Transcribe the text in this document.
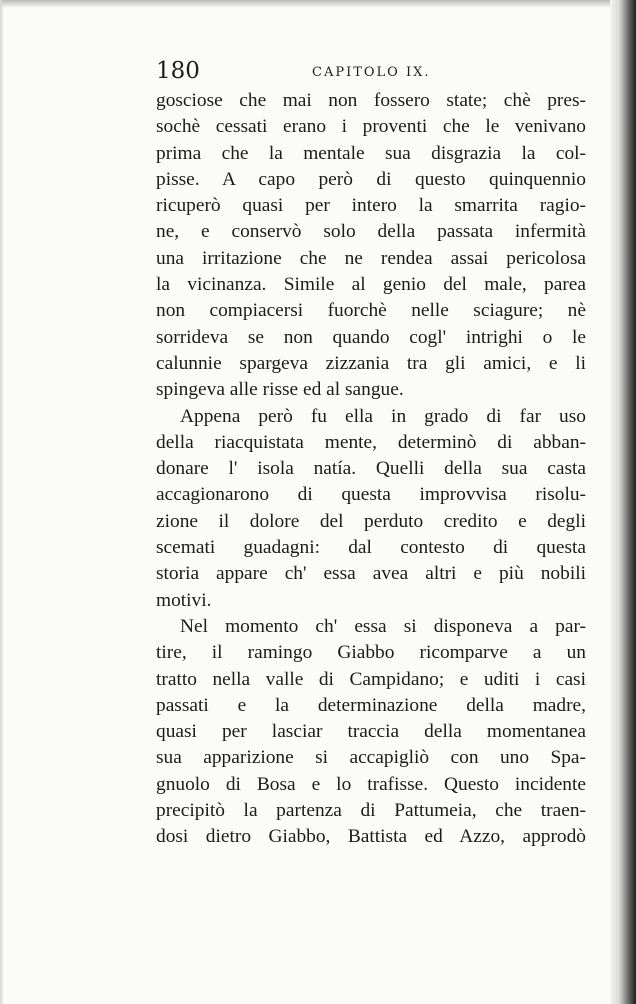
180	CAPITOLO IX.
gosciose che mai non fossero state; chè pres-
sochè cessati erano i proventi che le venivano
prima che la mentale sua disgrazia la col-
pisse. A capo però di questo quinquennio
ricuperò quasi per intero la smarrita ragio-
ne, e conservò solo della passata infermità
una irritazione che ne rendea assai pericolosa
la vicinanza. Simile al genio del male, parea
non compiacersi fuorchè nelle sciagure; nè
sorrideva se non quando cogl' intrighi o le
calunnie spargeva zizzania tra gli amici, e li
spingeva alle risse ed al sangue.
Appena però fu ella in grado di far uso
della riacquistata mente, determinò di abban-
donare l' isola natía. Quelli della sua casta
accagionarono di questa improvvisa risolu-
zione il dolore del perduto credito e degli
scemati guadagni: dal contesto di questa
storia appare ch' essa avea altri e più nobili
motivi.
Nel momento ch' essa si disponeva a par-
tire, il ramingo Giabbo ricomparve a un
tratto nella valle di Campidano; e uditi i casi
passati e la determinazione della madre,
quasi per lasciar traccia della momentanea
sua apparizione si accapigliò con uno Spa-
gnuolo di Bosa e lo trafisse. Questo incidente
precipitò la partenza di Pattumeia, che traen-
dosi dietro Giabbo, Battista ed Azzo, approdò
